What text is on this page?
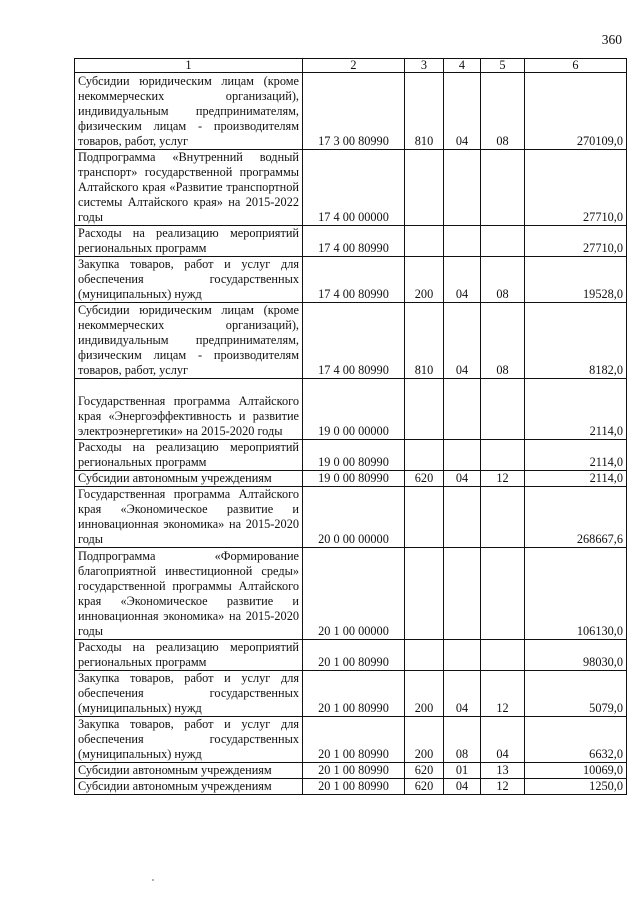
360
1	2	3	4	5	6
Субсидии юридическим лицам (кроме некоммерческих организаций), индивидуальным предпринимателям, физическим лицам - производителям товаров, работ, услуг	17 3 00 80990	810	04	08	270109,0
Подпрограмма «Внутренний водный транспорт» государственной программы Алтайского края «Развитие транспортной системы Алтайского края» на 2015-2022 годы	17 4 00 00000				27710,0
Расходы на реализацию мероприятий региональных программ	17 4 00 80990				27710,0
Закупка товаров, работ и услуг для обеспечения государственных (муниципальных) нужд	17 4 00 80990	200	04	08	19528,0
Субсидии юридическим лицам (кроме некоммерческих организаций), индивидуальным предпринимателям, физическим лицам - производителям товаров, работ, услуг	17 4 00 80990	810	04	08	8182,0
Государственная программа Алтайского края «Энергоэффективность и развитие электроэнергетики» на 2015-2020 годы	19 0 00 00000				2114,0
Расходы на реализацию мероприятий региональных программ	19 0 00 80990				2114,0
Субсидии автономным учреждениям	19 0 00 80990	620	04	12	2114,0
Государственная программа Алтайского края «Экономическое развитие и инновационная экономика» на 2015-2020 годы	20 0 00 00000				268667,6
Подпрограмма «Формирование благоприятной инвестиционной среды» государственной программы Алтайского края «Экономическое развитие и инновационная экономика» на 2015-2020 годы	20 1 00 00000				106130,0
Расходы на реализацию мероприятий региональных программ	20 1 00 80990				98030,0
Закупка товаров, работ и услуг для обеспечения государственных (муниципальных) нужд	20 1 00 80990	200	04	12	5079,0
Закупка товаров, работ и услуг для обеспечения государственных (муниципальных) нужд	20 1 00 80990	200	08	04	6632,0
Субсидии автономным учреждениям	20 1 00 80990	620	01	13	10069,0
Субсидии автономным учреждениям	20 1 00 80990	620	04	12	1250,0
